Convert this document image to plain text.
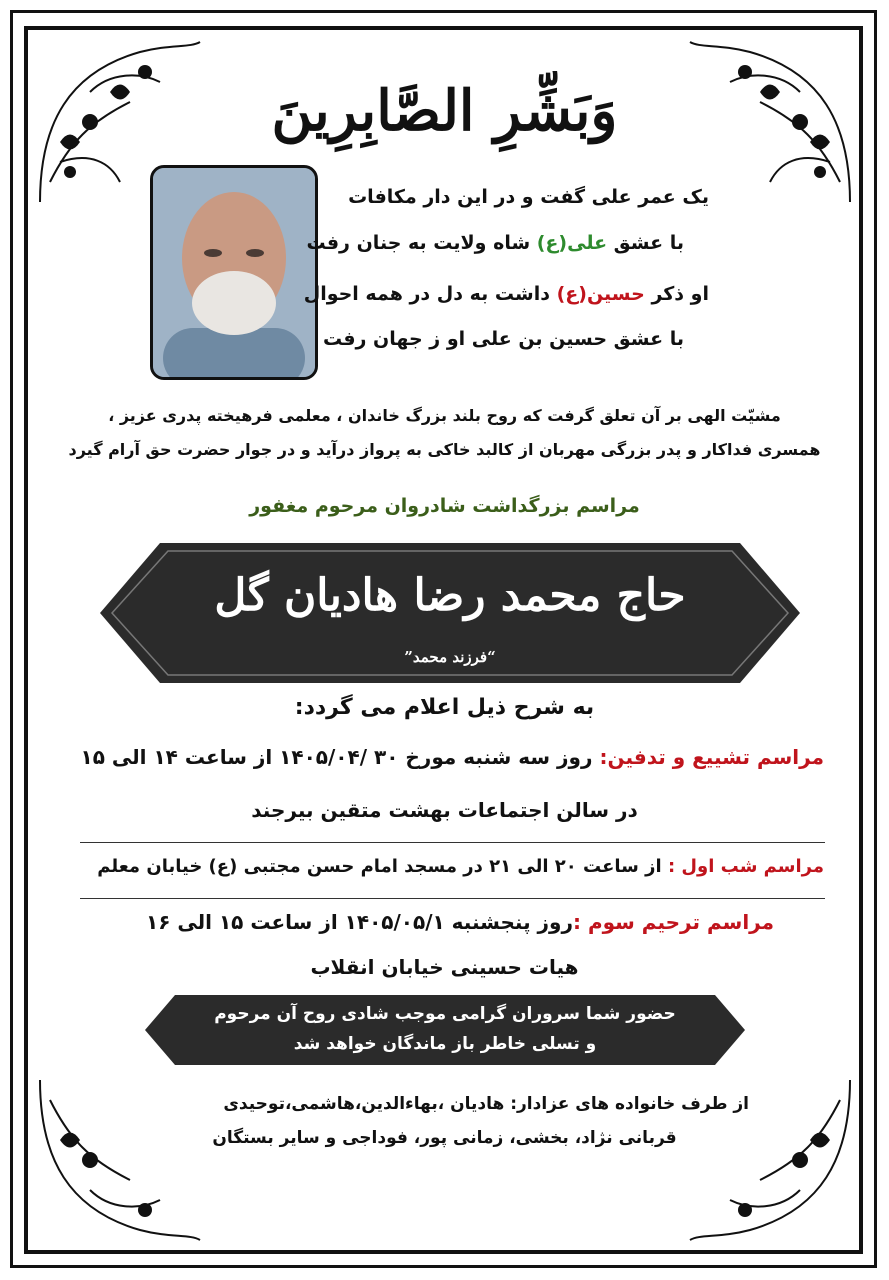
وَبَشِّرِ الصَّابِرِينَ
یک عمر علی گفت و در این دار مکافات
با عشق علی(ع) شاه ولایت به جنان رفت
او ذکر حسین(ع) داشت به دل در همه احوال
با عشق حسین بن علی او ز جهان رفت
مشیّت الهی بر آن تعلق گرفت که روح بلند بزرگ خاندان ، معلمی فرهیخته پدری عزیز ،
همسری فداکار و پدر بزرگی مهربان از کالبد خاکی به پرواز درآید و در جوار حضرت حق آرام گیرد
مراسم بزرگداشت شادروان مرحوم مغفور
حاج محمد رضا هادیان گل
“فرزند محمد”
به شرح ذیل اعلام می گردد:
مراسم تشییع و تدفین: روز سه شنبه مورخ ۳۰ /۱۴۰۵/۰۴ از ساعت ۱۴ الی ۱۵
در سالن اجتماعات بهشت متقین بیرجند
مراسم شب اول : از ساعت ۲۰ الی ۲۱ در مسجد امام حسن مجتبی (ع) خیابان معلم
مراسم ترحیم سوم :روز پنجشنبه ۱۴۰۵/۰۵/۱ از ساعت ۱۵ الی ۱۶
هیات حسینی خیابان انقلاب
حضور شما سروران گرامی موجب شادی روح آن مرحوم
و تسلی خاطر باز ماندگان خواهد شد
از طرف خانواده های عزادار: هادیان ،بهاءالدین،هاشمی،توحیدی
قربانی نژاد، بخشی، زمانی پور، فوداجی و سایر بستگان
